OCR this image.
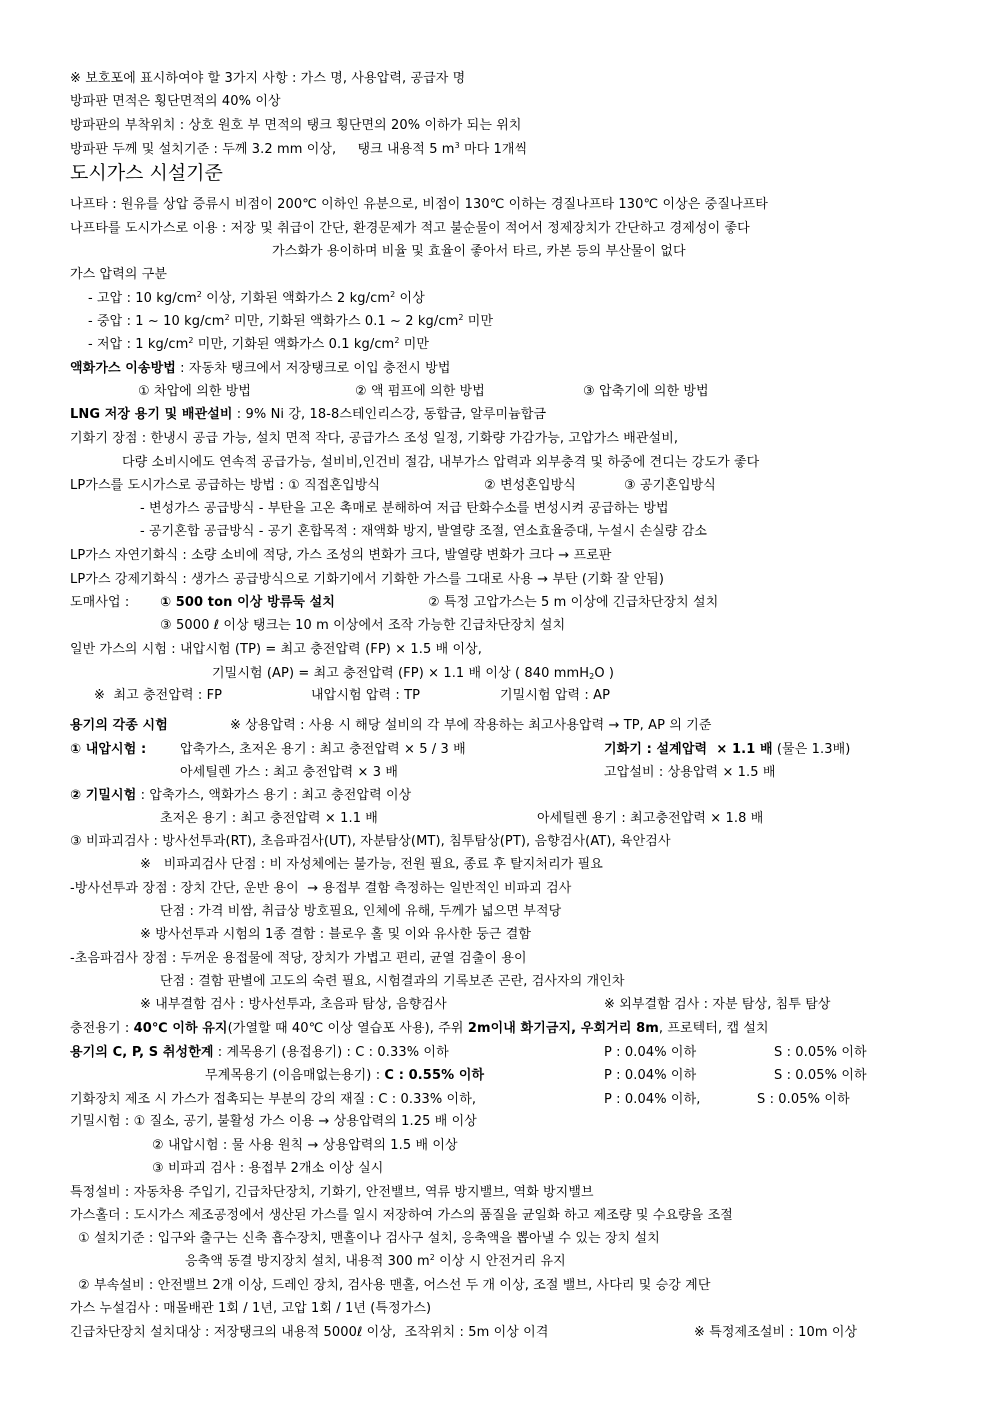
※ 보호포에 표시하여야 할 3가지 사항 : 가스 명, 사용압력, 공급자 명
방파판 면적은 횡단면적의 40% 이상
방파판의 부착위치 : 상호 원호 부 면적의 탱크 횡단면의 20% 이하가 되는 위치
방파판 두께 및 설치기준 : 두께 3.2 mm 이상,     탱크 내용적 5 $m^3$ 마다 1개씩
도시가스 시설기준
나프타 : 원유를 상압 증류시 비점이 200℃ 이하인 유분으로, 비점이 130℃ 이하는 경질나프타 130℃ 이상은 중질나프타
나프타를 도시가스로 이용 : 저장 및 취급이 간단, 환경문제가 적고 불순물이 적어서 정제장치가 간단하고 경제성이 좋다
가스화가 용이하며 비율 및 효율이 좋아서 타르, 카본 등의 부산물이 없다
가스 압력의 구분
- 고압 : 10 $kg/cm^2$ 이상, 기화된 액화가스 2 $kg/cm^2$ 이상
- 중압 : 1 ~ 10 $kg/cm^2$ 미만, 기화된 액화가스 0.1 ~ 2 $kg/cm^2$ 미만
- 저압 : 1 $kg/cm^2$ 미만, 기화된 액화가스 0.1 $kg/cm^2$ 미만
액화가스 이송방법 : 자동차 탱크에서 저장탱크로 이입 충전시 방법
① 차압에 의한 방법	② 액 펌프에 의한 방법	③ 압축기에 의한 방법
LNG 저장 용기 및 배관설비 : 9% Ni 강, 18-8스테인리스강, 동합금, 알루미늄합금
기화기 장점 : 한냉시 공급 가능, 설치 면적 작다, 공급가스 조성 일정, 기화량 가감가능, 고압가스 배관설비,
다량 소비시에도 연속적 공급가능, 설비비,인건비 절감, 내부가스 압력과 외부충격 및 하중에 견디는 강도가 좋다
LP가스를 도시가스로 공급하는 방법 : ① 직접혼입방식	② 변성혼입방식	③ 공기혼입방식
- 변성가스 공급방식 - 부탄을 고온 촉매로 분해하여 저급 탄화수소를 변성시켜 공급하는 방법
- 공기혼합 공급방식 - 공기 혼합목적 : 재액화 방지, 발열량 조절, 연소효율증대, 누설시 손실량 감소
LP가스 자연기화식 : 소량 소비에 적당, 가스 조성의 변화가 크다, 발열량 변화가 크다 → 프로판
LP가스 강제기화식 : 생가스 공급방식으로 기화기에서 기화한 가스를 그대로 사용 → 부탄 (기화 잘 안됨)
도매사업 : ① 500 ton 이상 방류둑 설치	② 특정 고압가스는 5 m 이상에 긴급차단장치 설치
③ 5000 ℓ 이상 탱크는 10 m 이상에서 조작 가능한 긴급차단장치 설치
일반 가스의 시험 : 내압시험 (TP) = 최고 충전압력 (FP) × 1.5 배 이상,
기밀시험 (AP) = 최고 충전압력 (FP) × 1.1 배 이상 ( 840 mmH$_2$O )
※  최고 충전압력 : FP	내압시험 압력 : TP	기밀시험 압력 : AP
용기의 각종 시험	※ 상용압력 : 사용 시 해당 설비의 각 부에 작용하는 최고사용압력 → TP, AP 의 기준
① 내압시험 :	압축가스, 초저온 용기 : 최고 충전압력 × 5 / 3 배	기화기 : 설계압력  × 1.1 배 (물은 1.3배)
아세틸렌 가스 : 최고 충전압력 × 3 배	고압설비 : 상용압력 × 1.5 배
② 기밀시험 : 압축가스, 액화가스 용기 : 최고 충전압력 이상
초저온 용기 : 최고 충전압력 × 1.1 배	아세틸렌 용기 : 최고충전압력 × 1.8 배
③ 비파괴검사 : 방사선투과(RT), 초음파검사(UT), 자분탐상(MT), 침투탐상(PT), 음향검사(AT), 육안검사
※   비파괴검사 단점 : 비 자성체에는 불가능, 전원 필요, 종료 후 탈지처리가 필요
-방사선투과 장점 : 장치 간단, 운반 용이  → 용접부 결함 측정하는 일반적인 비파괴 검사
단점 : 가격 비쌈, 취급상 방호필요, 인체에 유해, 두께가 넓으면 부적당
※ 방사선투과 시험의 1종 결함 : 블로우 홀 및 이와 유사한 둥근 결함
-초음파검사 장점 : 두꺼운 용접물에 적당, 장치가 가볍고 편리, 균열 검출이 용이
단점 : 결함 판별에 고도의 숙련 필요, 시험결과의 기록보존 곤란, 검사자의 개인차
※ 내부결함 검사 : 방사선투과, 초음파 탐상, 음향검사	※ 외부결함 검사 : 자분 탐상, 침투 탐상
충전용기 : 40℃ 이하 유지(가열할 때 40℃ 이상 열습포 사용), 주위 2m이내 화기금지, 우회거리 8m, 프로텍터, 캡 설치
용기의 C, P, S 취성한계 : 계목용기 (용접용기) : C : 0.33% 이하	P : 0.04% 이하	S : 0.05% 이하
무계목용기 (이음매없는용기) : C : 0.55% 이하	P : 0.04% 이하	S : 0.05% 이하
기화장치 제조 시 가스가 접촉되는 부분의 강의 재질 : C : 0.33% 이하,	P : 0.04% 이하,	S : 0.05% 이하
기밀시험 : ① 질소, 공기, 불활성 가스 이용 → 상용압력의 1.25 배 이상
② 내압시험 : 물 사용 원칙 → 상용압력의 1.5 배 이상
③ 비파괴 검사 : 용접부 2개소 이상 실시
특정설비 : 자동차용 주입기, 긴급차단장치, 기화기, 안전밸브, 역류 방지밸브, 역화 방지밸브
가스홀더 : 도시가스 제조공정에서 생산된 가스를 일시 저장하여 가스의 품질을 균일화 하고 제조량 및 수요량을 조절
① 설치기준 : 입구와 출구는 신축 흡수장치, 맨홀이나 검사구 설치, 응축액을 뽑아낼 수 있는 장치 설치
응축액 동결 방지장치 설치, 내용적 300 $m^2$ 이상 시 안전거리 유지
② 부속설비 : 안전밸브 2개 이상, 드레인 장치, 검사용 맨홀, 어스선 두 개 이상, 조절 밸브, 사다리 및 승강 계단
가스 누설검사 : 매몰배관 1회 / 1년, 고압 1회 / 1년 (특정가스)
긴급차단장치 설치대상 : 저장탱크의 내용적 5000ℓ 이상,  조작위치 : 5m 이상 이격	※ 특정제조설비 : 10m 이상
